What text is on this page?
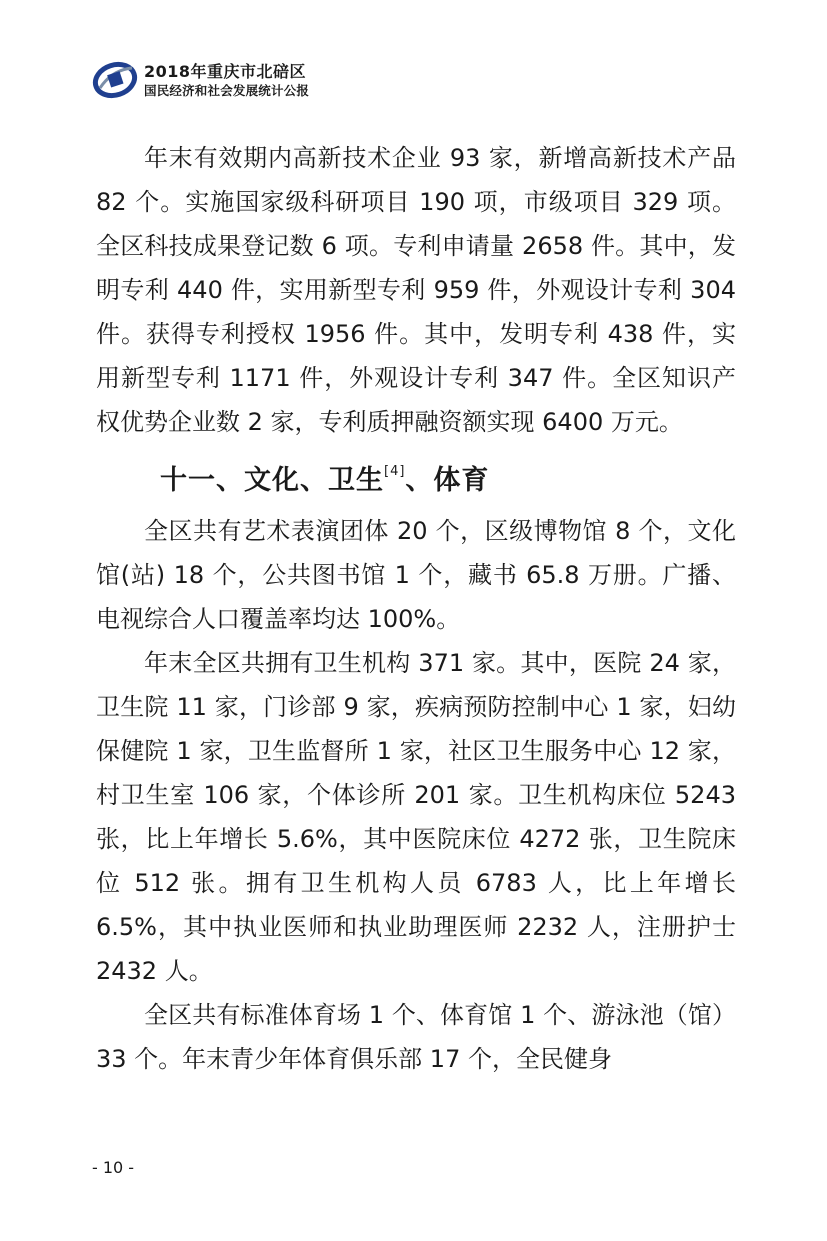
2018年重庆市北碚区
国民经济和社会发展统计公报

年末有效期内高新技术企业 93 家，新增高新技术产品 82 个。实施国家级科研项目 190 项，市级项目 329 项。全区科技成果登记数 6 项。专利申请量 2658 件。其中，发明专利 440 件，实用新型专利 959 件，外观设计专利 304 件。获得专利授权 1956 件。其中，发明专利 438 件，实用新型专利 1171 件，外观设计专利 347 件。全区知识产权优势企业数 2 家，专利质押融资额实现 6400 万元。

十一、文化、卫生[4]、体育

全区共有艺术表演团体 20 个，区级博物馆 8 个，文化馆(站) 18 个，公共图书馆 1 个，藏书 65.8 万册。广播、电视综合人口覆盖率均达 100%。

年末全区共拥有卫生机构 371 家。其中，医院 24 家，卫生院 11 家，门诊部 9 家，疾病预防控制中心 1 家，妇幼保健院 1 家，卫生监督所 1 家，社区卫生服务中心 12 家，村卫生室 106 家，个体诊所 201 家。卫生机构床位 5243 张，比上年增长 5.6%，其中医院床位 4272 张，卫生院床位 512 张。拥有卫生机构人员 6783 人，比上年增长 6.5%，其中执业医师和执业助理医师 2232 人，注册护士 2432 人。

全区共有标准体育场 1 个、体育馆 1 个、游泳池（馆）33 个。年末青少年体育俱乐部 17 个，全民健身

- 10 -
